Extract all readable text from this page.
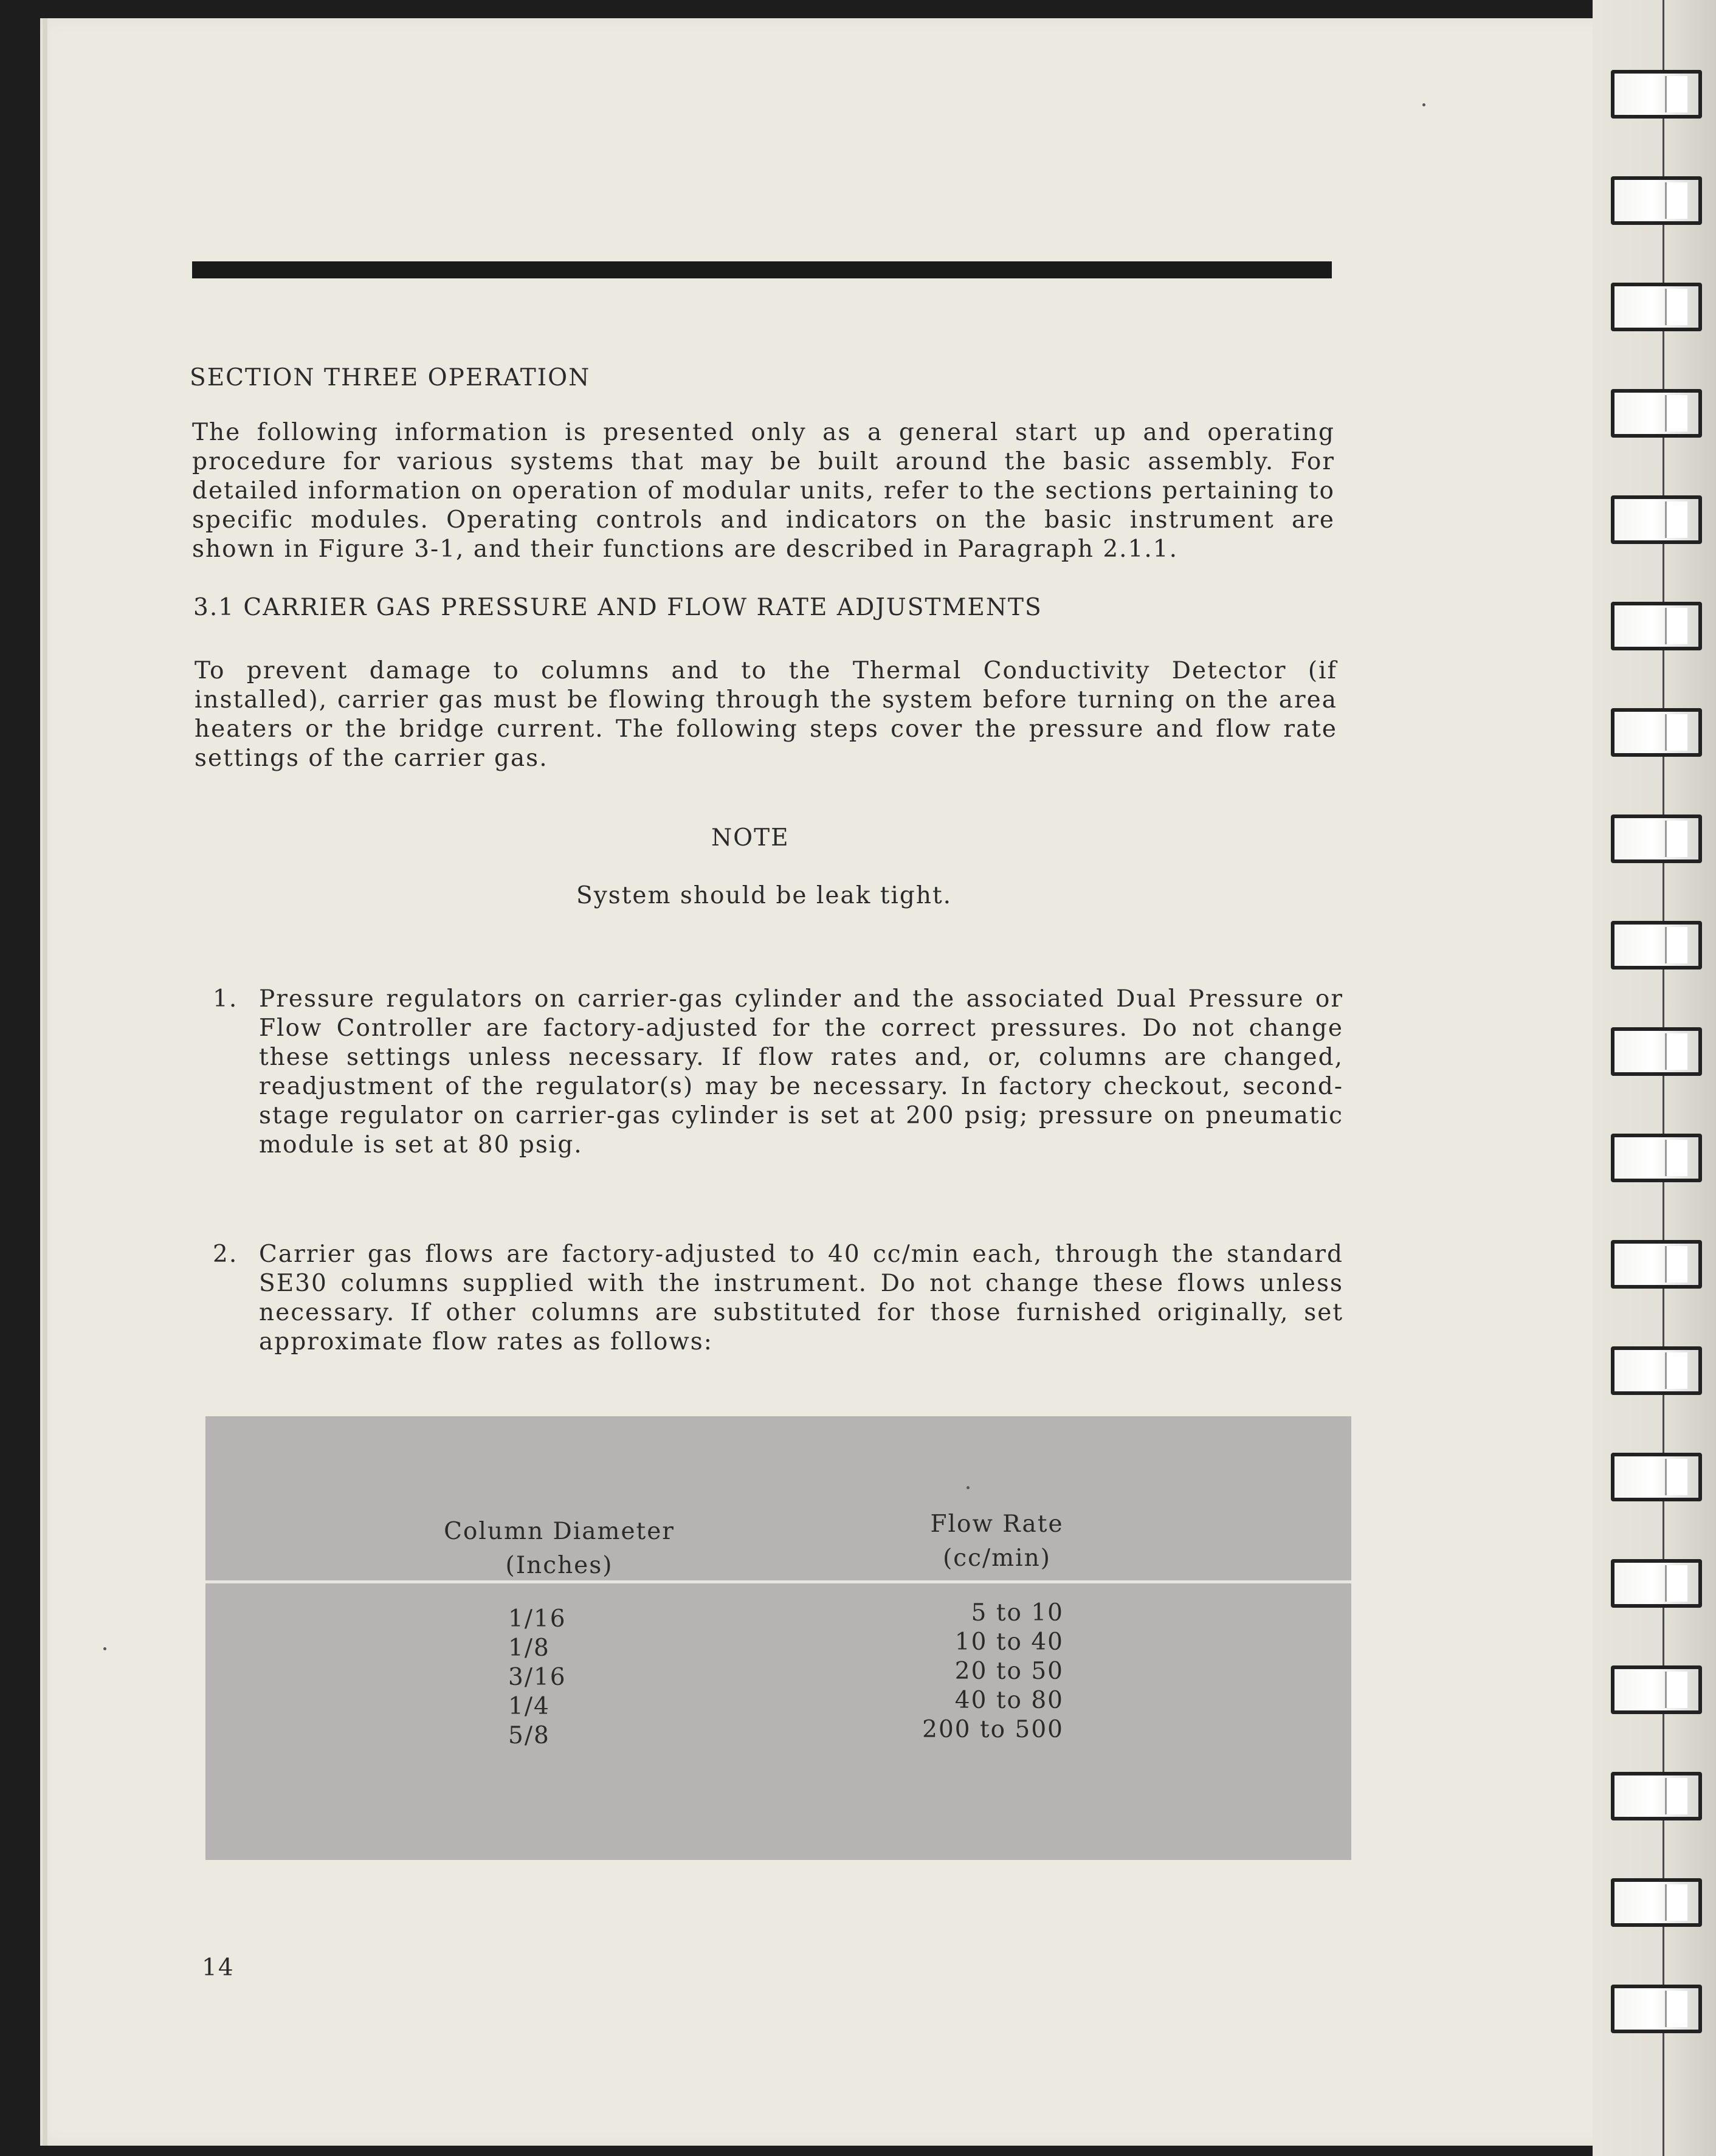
SECTION THREE OPERATION

The following information is presented only as a general start up and operating procedure for various systems that may be built around the basic assembly. For detailed information on operation of modular units, refer to the sections pertaining to specific modules. Operating controls and indicators on the basic instrument are shown in Figure 3-1, and their functions are described in Paragraph 2.1.1.

3.1 CARRIER GAS PRESSURE AND FLOW RATE ADJUSTMENTS

To prevent damage to columns and to the Thermal Conductivity Detector (if installed), carrier gas must be flowing through the system before turning on the area heaters or the bridge current. The following steps cover the pressure and flow rate settings of the carrier gas.

NOTE

System should be leak tight.

1. Pressure regulators on carrier-gas cylinder and the associated Dual Pressure or Flow Controller are factory-adjusted for the correct pressures. Do not change these settings unless necessary. If flow rates and, or, columns are changed, readjustment of the regulator(s) may be necessary. In factory checkout, second-stage regulator on carrier-gas cylinder is set at 200 psig; pressure on pneumatic module is set at 80 psig.
2. Carrier gas flows are factory-adjusted to 40 cc/min each, through the standard SE30 columns supplied with the instrument. Do not change these flows unless necessary. If other columns are substituted for those furnished originally, set approximate flow rates as follows:
Column Diameter
(Inches)
Flow Rate
(cc/min)
1/16
1/8
3/16
1/4
5/8
5 to 10
10 to 40
20 to 50
40 to 80
200 to 500
14
